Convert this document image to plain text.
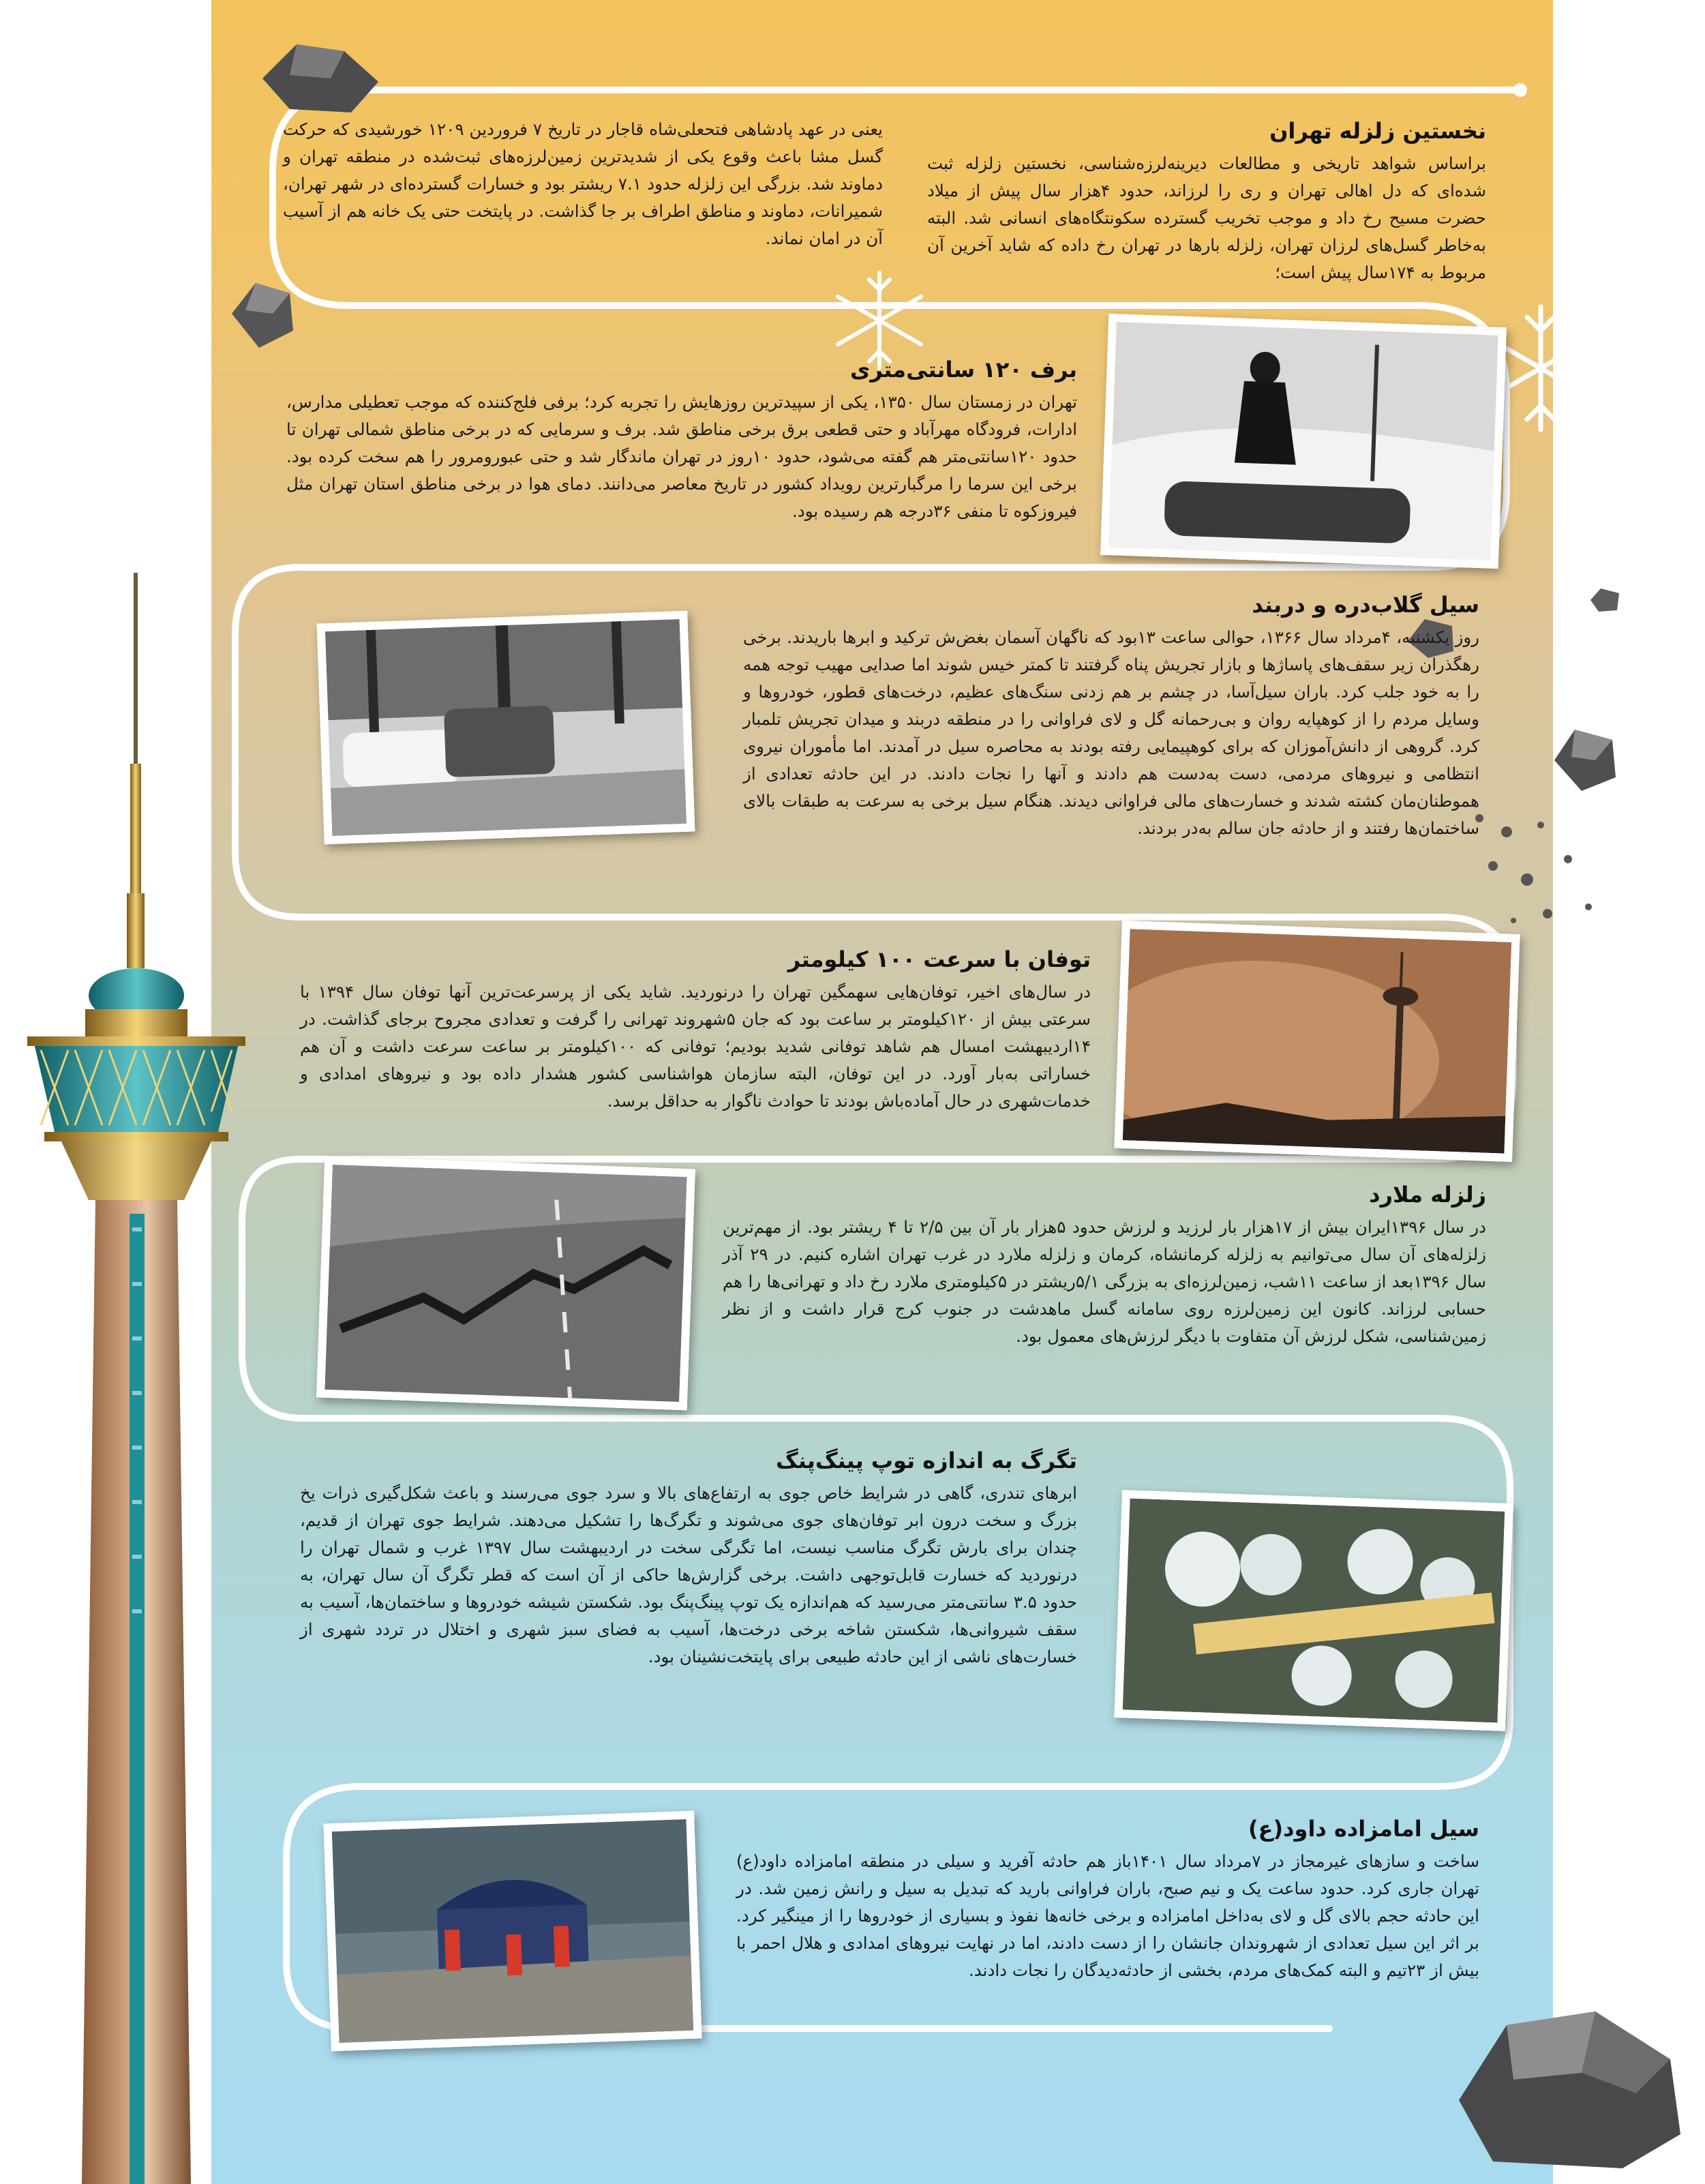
نخستین زلزله تهران

براساس شواهد تاریخی و مطالعات دیرینه‌لرزه‌شناسی، نخستین زلزله ثبت شده‌ای که دل اهالی تهران و ری را لرزاند، حدود ۴هزار سال پیش از میلاد حضرت مسیح رخ داد و موجب تخریب گسترده سکونتگاه‌های انسانی شد. البته به‌خاطر گسل‌های لرزان تهران، زلزله بارها در تهران رخ داده که شاید آخرین آن مربوط به ۱۷۴سال پیش است؛

یعنی در عهد پادشاهی فتحعلی‌شاه قاجار در تاریخ ۷ فروردین ۱۲۰۹ خورشیدی که حرکت گسل مشا باعث وقوع یکی از شدیدترین زمین‌لرزه‌های ثبت‌شده در منطقه تهران و دماوند شد. بزرگی این زلزله حدود ۷.۱ ریشتر بود و خسارات گسترده‌ای در شهر تهران، شمیرانات، دماوند و مناطق اطراف بر جا گذاشت. در پایتخت حتی یک خانه هم از آسیب آن در امان نماند.

برف ۱۲۰ سانتی‌متری

تهران در زمستان سال ۱۳۵۰، یکی از سپیدترین روزهایش را تجربه کرد؛ برفی فلج‌کننده که موجب تعطیلی مدارس، ادارات، فرودگاه مهرآباد و حتی قطعی برق برخی مناطق شد. برف و سرمایی که در برخی مناطق شمالی تهران تا حدود ۱۲۰سانتی‌متر هم گفته می‌شود، حدود ۱۰روز در تهران ماندگار شد و حتی عبورومرور را هم سخت کرده بود. برخی این سرما را مرگبارترین رویداد کشور در تاریخ معاصر می‌دانند. دمای هوا در برخی مناطق استان تهران مثل فیروزکوه تا منفی ۳۶درجه هم رسیده بود.

سیل گلاب‌دره و دربند

روز یکشنبه، ۴مرداد سال ۱۳۶۶، حوالی ساعت ۱۳بود که ناگهان آسمان بغض‌ش ترکید و ابرها باریدند. برخی رهگذران زیر سقف‌های پاساژها و بازار تجریش پناه گرفتند تا کمتر خیس شوند اما صدایی مهیب توجه همه را به خود جلب کرد. باران سیل‌آسا، در چشم بر هم زدنی سنگ‌های عظیم، درخت‌های قطور، خودروها و وسایل مردم را از کوهپایه روان و بی‌رحمانه گل و لای فراوانی را در منطقه دربند و میدان تجریش تلمبار کرد. گروهی از دانش‌آموزان که برای کوهپیمایی رفته بودند به محاصره سیل در آمدند. اما مأموران نیروی انتظامی و نیروهای مردمی، دست به‌دست هم دادند و آنها را نجات دادند. در این حادثه تعدادی از هموطنان‌مان کشته شدند و خسارت‌های مالی فراوانی دیدند. هنگام سیل برخی به سرعت به طبقات بالای ساختمان‌ها رفتند و از حادثه جان سالم به‌در بردند.

توفان با سرعت ۱۰۰ کیلومتر

در سال‌های اخیر، توفان‌هایی سهمگین تهران را درنوردید. شاید یکی از پرسرعت‌ترین آنها توفان سال ۱۳۹۴ با سرعتی بیش از ۱۲۰کیلومتر بر ساعت بود که جان ۵شهروند تهرانی را گرفت و تعدادی مجروح برجای گذاشت. در ۱۴اردیبهشت امسال هم شاهد توفانی شدید بودیم؛ توفانی که ۱۰۰کیلومتر بر ساعت سرعت داشت و آن هم خساراتی به‌بار آورد. در این توفان، البته سازمان هواشناسی کشور هشدار داده بود و نیروهای امدادی و خدمات‌شهری در حال آماده‌باش بودند تا حوادث ناگوار به حداقل برسد.

زلزله ملارد

در سال ۱۳۹۶ایران بیش از ۱۷هزار بار لرزید و لرزش حدود ۵هزار بار آن بین ۲/۵ تا ۴ ریشتر بود. از مهم‌ترین زلزله‌های آن سال می‌توانیم به زلزله کرمانشاه، کرمان و زلزله ملارد در غرب تهران اشاره کنیم. در ۲۹ آذر سال ۱۳۹۶بعد از ساعت ۱۱شب، زمین‌لرزه‌ای به بزرگی ۵/۱ریشتر در ۵کیلومتری ملارد رخ داد و تهرانی‌ها را هم حسابی لرزاند. کانون این زمین‌لرزه روی سامانه گسل ماهدشت در جنوب کرج قرار داشت و از نظر زمین‌شناسی، شکل لرزش آن متفاوت با دیگر لرزش‌های معمول بود.

تگرگ به اندازه توپ پینگ‌پنگ

ابرهای تندری، گاهی در شرایط خاص جوی به ارتفاع‌های بالا و سرد جوی می‌رسند و باعث شکل‌گیری ذرات یخ بزرگ و سخت درون ابر توفان‌های جوی می‌شوند و تگرگ‌ها را تشکیل می‌دهند. شرایط جوی تهران از قدیم، چندان برای بارش تگرگ مناسب نیست، اما تگرگی سخت در اردیبهشت سال ۱۳۹۷ غرب و شمال تهران را درنوردید که خسارت قابل‌توجهی داشت. برخی گزارش‌ها حاکی از آن است که قطر تگرگ آن سال تهران، به حدود ۳.۵ سانتی‌متر می‌رسید که هم‌اندازه یک توپ پینگ‌پنگ بود. شکستن شیشه خودروها و ساختمان‌ها، آسیب به سقف شیروانی‌ها، شکستن شاخه برخی درخت‌ها، آسیب به فضای سبز شهری و اختلال در تردد شهری از خسارت‌های ناشی از این حادثه طبیعی برای پایتخت‌نشینان بود.

سیل امامزاده داود(ع)

ساخت و سازهای غیرمجاز در ۷مرداد سال ۱۴۰۱باز هم حادثه آفرید و سیلی در منطقه امامزاده داود(ع) تهران جاری کرد. حدود ساعت یک و نیم صبح، باران فراوانی بارید که تبدیل به سیل و رانش زمین شد. در این حادثه حجم بالای گل و لای به‌داخل امامزاده و برخی خانه‌ها نفوذ و بسیاری از خودروها را از مینگیر کرد. بر اثر این سیل تعدادی از شهروندان جانشان را از دست دادند، اما در نهایت نیروهای امدادی و هلال احمر با بیش از ۲۳تیم و البته کمک‌های مردم، بخشی از حادثه‌دیدگان را نجات دادند.
